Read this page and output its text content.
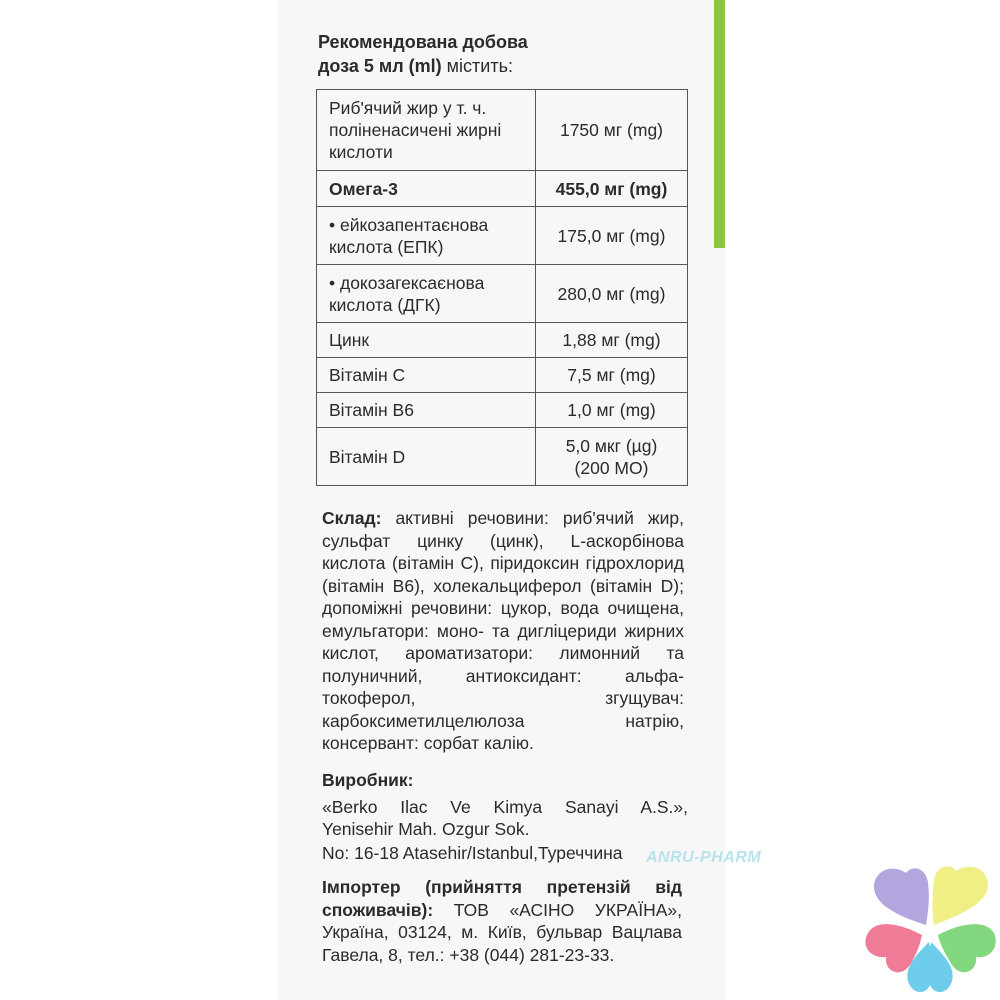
Рекомендована добова
доза 5 мл (ml) містить:
Риб'ячий жир у т. ч. поліненасичені жирні кислоти	1750 мг (mg)
Омега-3	455,0 мг (mg)
• ейкозапентаєнова кислота (ЕПК)	175,0 мг (mg)
• докозагексаєнова кислота (ДГК)	280,0 мг (mg)
Цинк	1,88 мг (mg)
Вітамін С	7,5 мг (mg)
Вітамін В6	1,0 мг (mg)
Вітамін D	5,0 мкг (µg) (200 МО)
Склад: активні речовини: риб'ячий жир, сульфат цинку (цинк), L-аскорбінова кислота (вітамін С), піридоксин гідрохлорид (вітамін В6), холекальциферол (вітамін D); допоміжні речовини: цукор, вода очищена, емульгатори: моно- та дигліцериди жирних кислот, ароматизатори: лимонний та полуничний, антиоксидант: альфа-токоферол, згущувач: карбоксиметилцелюлоза натрію, консервант: сорбат калію.
Виробник:
«Berko Ilac Ve Kimya Sanayi A.S.»,
Yenisehir Mah. Ozgur Sok.
No: 16-18 Atasehir/Istanbul,Туреччина
Імпортер (прийняття претензій від споживачів): ТОВ «АСІНО УКРАЇНА», Україна, 03124, м. Київ, бульвар Вацлава Гавела, 8, тел.: +38 (044) 281-23-33.
ANRU-PHARM
